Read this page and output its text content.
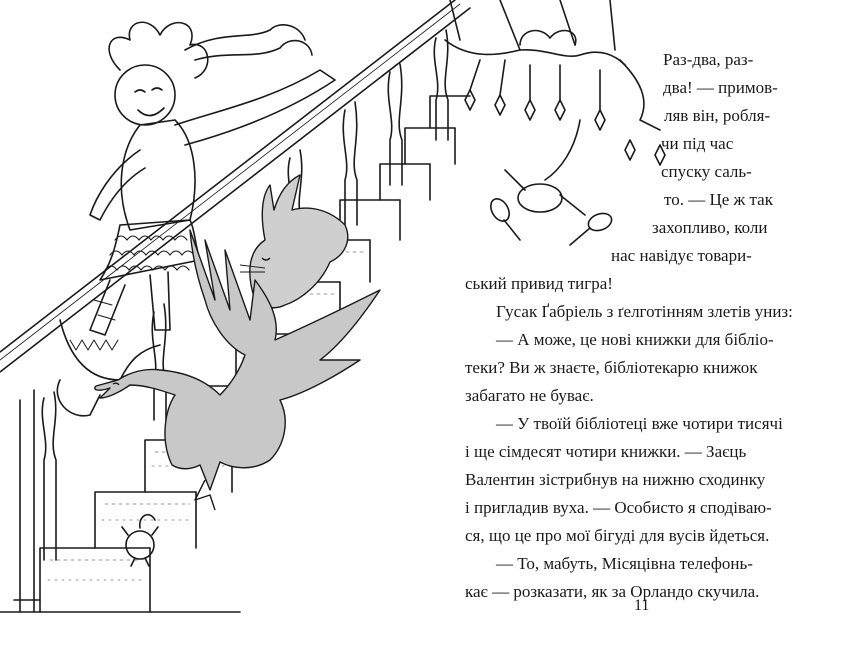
Раз-два, раз-
два! — примов-
ляв він, робля-
чи під час
спуску саль-
то. — Це ж так
захопливо, коли
нас навідує товари-
ський привид тигра!
Гусак Ґабріель з ґелготінням злетів униз:
— А може, це нові книжки для бібліо-
теки? Ви ж знаєте, бібліотекарю книжок
забагато не буває.
— У твоїй бібліотеці вже чотири тисячі
і ще сімдесят чотири книжки. — Заєць
Валентин зістрибнув на нижню сходинку
і пригладив вуха. — Особисто я сподіваю-
ся, що це про мої бігуді для вусів йдеться.
— То, мабуть, Місяцівна телефонь-
кає — розказати, як за Орландо скучила.
11
